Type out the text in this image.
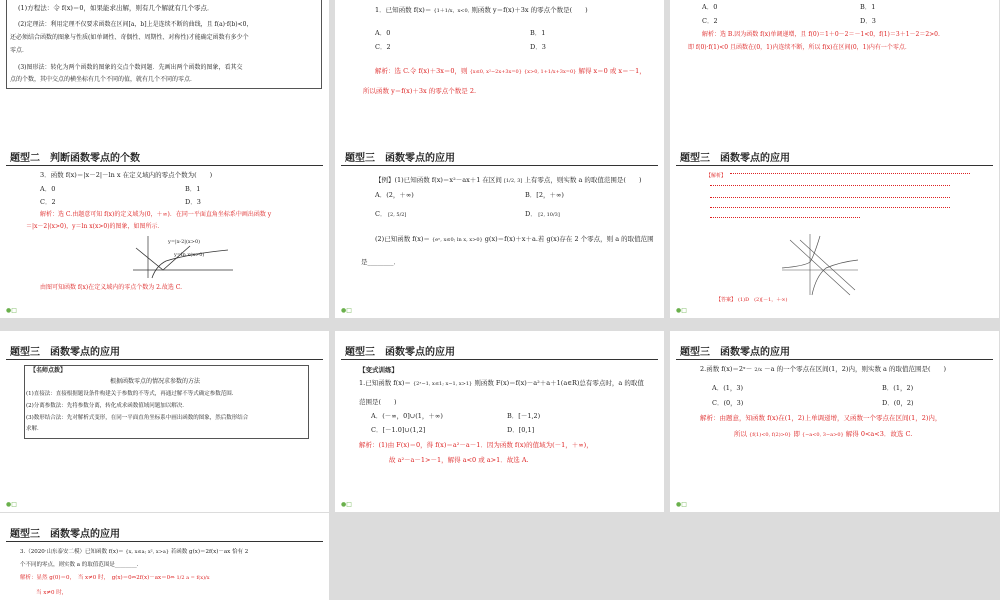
(1)方程法：令 f(x)＝0，如果能求出解，则有几个解就有几个零点．
(2)定理法：利用定理不仅要求函数在区间[a，b]上是连续不断的曲线，且 f(a)·f(b)<0，
还必须结合函数的图象与性质(如单调性、奇偶性、周期性、对称性)才能确定函数有多少个
零点．
(3)图形法：转化为两个函数的图象的交点个数问题．先画出两个函数的图象，看其交
点的个数，其中交点的横坐标有几个不同的值，就有几个不同的零点．
1．已知函数 f(x)＝ {1＋1/x，x<0, 则函数 y＝f(x)＋3x 的零点个数是(　　)
A．0	B．1
C．2	D．3
解析：选 C.令 f(x)＋3x＝0，则 {x≤0, x²−2x+3x=0} {x>0, 1+1/x+3x=0} 解得 x＝0 或 x＝－1，
所以函数 y＝f(x)＋3x 的零点个数是 2.
A．0	B．1
C．2	D．3
解析：选 B.因为函数 f(x)单调递增，且 f(0)＝1＋0－2＝－1<0，f(1)＝3＋1－2＝2>0.
即 f(0)·f(1)<0 且函数在(0，1)内连续不断，所以 f(x)在区间(0，1)内有一个零点．
题型二　判断函数零点的个数
3．函数 f(x)＝|x－2|－ln x 在定义域内的零点个数为(　　)
A．0	B．1
C．2	D．3
解析：选 C.由题意可知 f(x)的定义域为(0，＋∞)．在同一平面直角坐标系中画出函数 y
＝|x－2|(x>0)，y＝ln x(x>0)的图象，如图所示．
y=|x-2|(x>0)
y=ln x(x>0)
由图可知函数 f(x)在定义域内的零点个数为 2.故选 C.
●□
题型三　函数零点的应用
【例】(1)已知函数 f(x)＝x²－ax＋1 在区间 [1/2, 3] 上有零点，则实数 a 的取值范围是(　　)
A．(2，＋∞)	B．[2，＋∞)
C． [2, 5/2]	D． [2, 10/3]
(2)已知函数 f(x)＝ {eˣ, x≤0; ln x, x>0} g(x)＝f(x)＋x＋a.若 g(x)存在 2 个零点，则 a 的取值范围
是________．
●□
题型三　函数零点的应用
【解析】
【答案】 (1)D　(2)[－1，＋∞)
●□
题型三　函数零点的应用
【名师点拨】
根据函数零点的情况求参数的方法
(1)直接法：直接根据题设条件构建关于参数的不等式，再通过解不等式确定参数范围．
(2)分离参数法：先将参数分离，转化成求函数值域问题加以解决．
(3)数形结合法：先对解析式变形，在同一平面直角坐标系中画出函数的图象，然后数形结合
求解．
●□
题型三　函数零点的应用
【变式训练】
1.已知函数 f(x)＝ {2ˣ−1, x≤1; x−1, x>1} 则函数 F(x)＝f(x)－a²＋a＋1(a∈R)总有零点时，a 的取值
范围是(　　)
A．(－∞，0]∪(1，＋∞)	B．[－1,2)
C．[－1.0]∪(1,2]	D．[0,1]
解析：(1)由 F(x)＝0，得 f(x)＝a²－a－1．因为函数 f(x)的值域为(－1，＋∞)，
故 a²－a－1>－1，解得 a<0 或 a>1．故选 A.
●□
题型三　函数零点的应用
2.函数 f(x)＝2ˣ－ 2/x －a 的一个零点在区间(1，2)内，则实数 a 的取值范围是(　　)
A．(1，3)	B．(1，2)
C．(0，3)	D．(0，2)
解析：由题意，知函数 f(x)在(1，2)上单调递增，又函数一个零点在区间(1，2)内，
所以 {f(1)<0, f(2)>0} 即 {−a<0, 3−a>0} 解得 0<a<3．故选 C.
●□
题型三　函数零点的应用
3.（2020·山东泰安二模）已知函数 f(x)＝ {x, x≤a; x², x>a} 若函数 g(x)＝2f(x)－ax 恰有 2
个不同的零点，则实数 a 的取值范围是________．
解析：显然 g(0)＝0，　当 x≠0 时，　g(x)＝0⇔2f(x)－ax＝0⇔ 1/2 a = f(x)/x
当 x≠0 时，
